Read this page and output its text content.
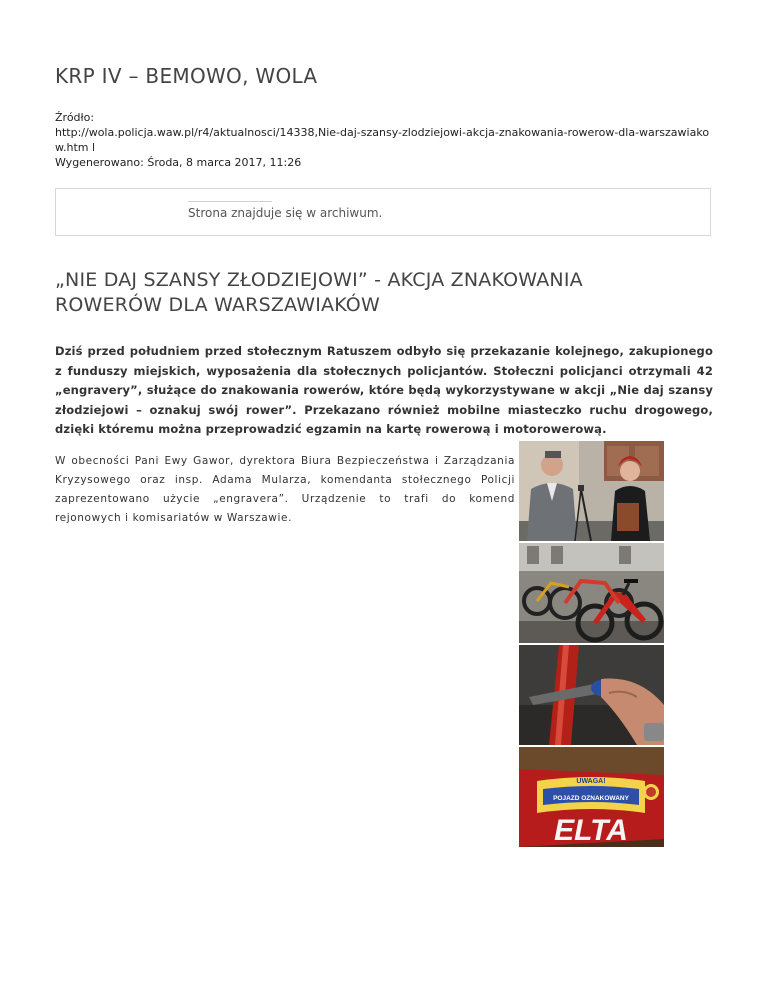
KRP IV – BEMOWO, WOLA
Źródło:
http://wola.policja.waw.pl/r4/aktualnosci/14338,Nie-daj-szansy-zlodziejowi-akcja-znakowania-rowerow-dla-warszawiakow.htm l
Wygenerowano: Środa, 8 marca 2017, 11:26
Strona znajduje się w archiwum.
„NIE DAJ SZANSY ZŁODZIEJOWI” - AKCJA ZNAKOWANIA ROWERÓW DLA WARSZAWIAKÓW
Dziś przed południem przed stołecznym Ratuszem odbyło się przekazanie kolejnego, zakupionego z funduszy miejskich, wyposażenia dla stołecznych policjantów. Stołeczni policjanci otrzymali 42 „engravery”, służące do znakowania rowerów, które będą wykorzystywane w akcji „Nie daj szansy złodziejowi – oznakuj swój rower”. Przekazano również mobilne miasteczko ruchu drogowego, dzięki któremu można przeprowadzić egzamin na kartę rowerową i motorowerową.
W obecności Pani Ewy Gawor, dyrektora Biura Bezpieczeństwa i Zarządzania Kryzysowego oraz insp. Adama Mularza, komendanta stołecznego Policji zaprezentowano użycie „engravera”. Urządzenie to trafi do komend rejonowych i komisariatów w Warszawie.
UWAGA!
POJAZD OZNAKOWANY
ELTA
